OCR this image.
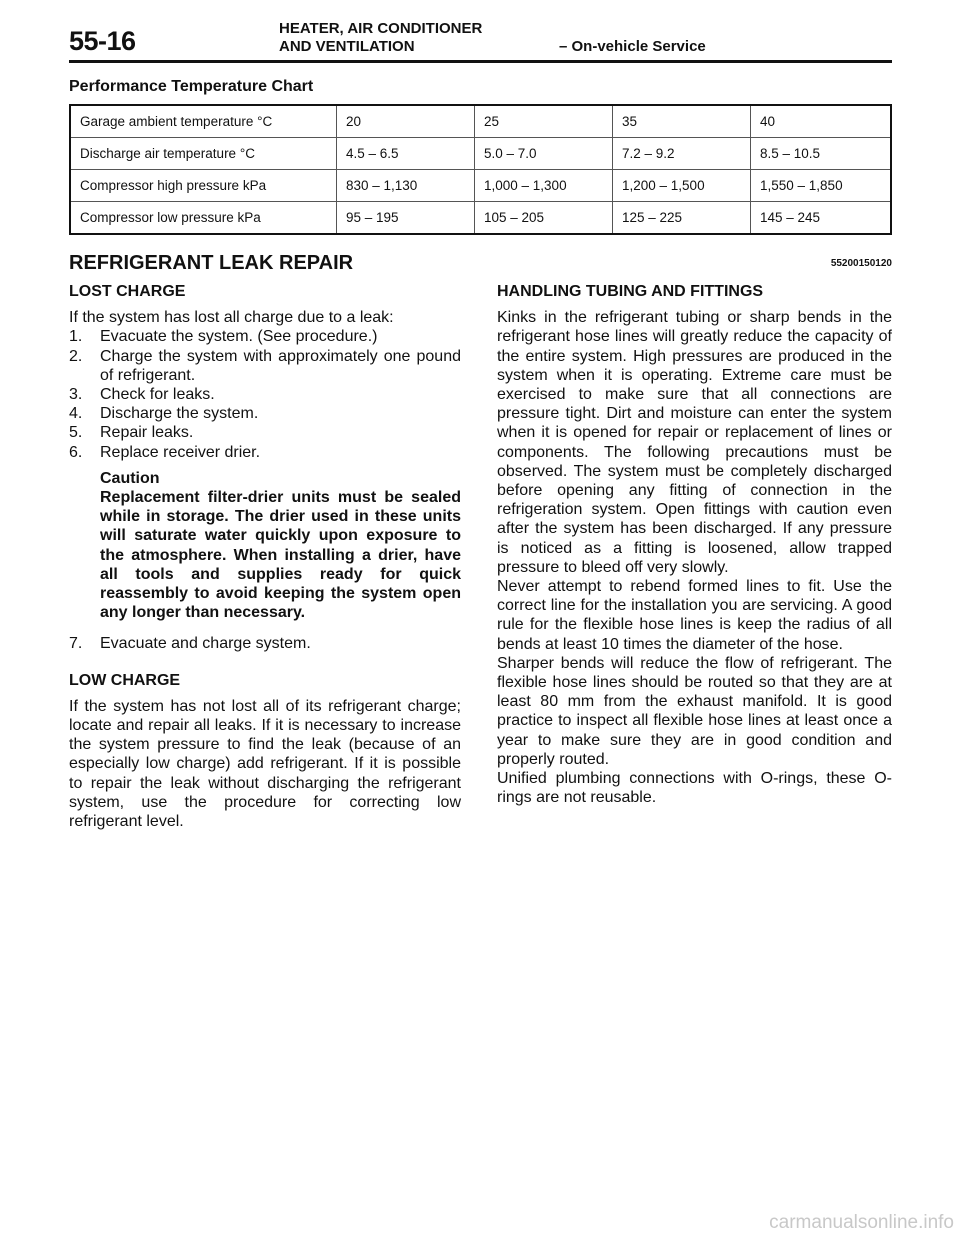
55-16	HEATER, AIR CONDITIONER
AND VENTILATION	– On-vehicle Service
Performance Temperature Chart
Garage ambient temperature °C	20	25	35	40
Discharge air temperature °C	4.5 – 6.5	5.0 – 7.0	7.2 – 9.2	8.5 – 10.5
Compressor high pressure kPa	830 – 1,130	1,000 – 1,300	1,200 – 1,500	1,550 – 1,850
Compressor low pressure kPa	95 – 195	105 – 205	125 – 225	145 – 245
REFRIGERANT LEAK REPAIR	55200150120
LOST CHARGE

If the system has lost all charge due to a leak:

1.	Evacuate the system. (See procedure.)
2.	Charge the system with approximately one pound of refrigerant.
3.	Check for leaks.
4.	Discharge the system.
5.	Repair leaks.
6.	Replace receiver drier.
Caution
Replacement filter-drier units must be sealed while in storage. The drier used in these units will saturate water quickly upon exposure to the atmosphere. When installing a drier, have all tools and supplies ready for quick reassembly to avoid keeping the system open any longer than necessary.
7.	Evacuate and charge system.
LOW CHARGE

If the system has not lost all of its refrigerant charge; locate and repair all leaks. If it is necessary to increase the system pressure to find the leak (because of an especially low charge) add refrigerant. If it is possible to repair the leak without discharging the refrigerant system, use the procedure for correcting low refrigerant level.

HANDLING TUBING AND FITTINGS

Kinks in the refrigerant tubing or sharp bends in the refrigerant hose lines will greatly reduce the capacity of the entire system. High pressures are produced in the system when it is operating. Extreme care must be exercised to make sure that all connections are pressure tight. Dirt and moisture can enter the system when it is opened for repair or replacement of lines or components. The following precautions must be observed. The system must be completely discharged before opening any fitting of connection in the refrigeration system. Open fittings with caution even after the system has been discharged. If any pressure is noticed as a fitting is loosened, allow trapped pressure to bleed off very slowly.

Never attempt to rebend formed lines to fit. Use the correct line for the installation you are servicing. A good rule for the flexible hose lines is keep the radius of all bends at least 10 times the diameter of the hose.

Sharper bends will reduce the flow of refrigerant. The flexible hose lines should be routed so that they are at least 80 mm from the exhaust manifold. It is good practice to inspect all flexible hose lines at least once a year to make sure they are in good condition and properly routed.

Unified plumbing connections with O-rings, these O-rings are not reusable.

carmanualsonline.info
